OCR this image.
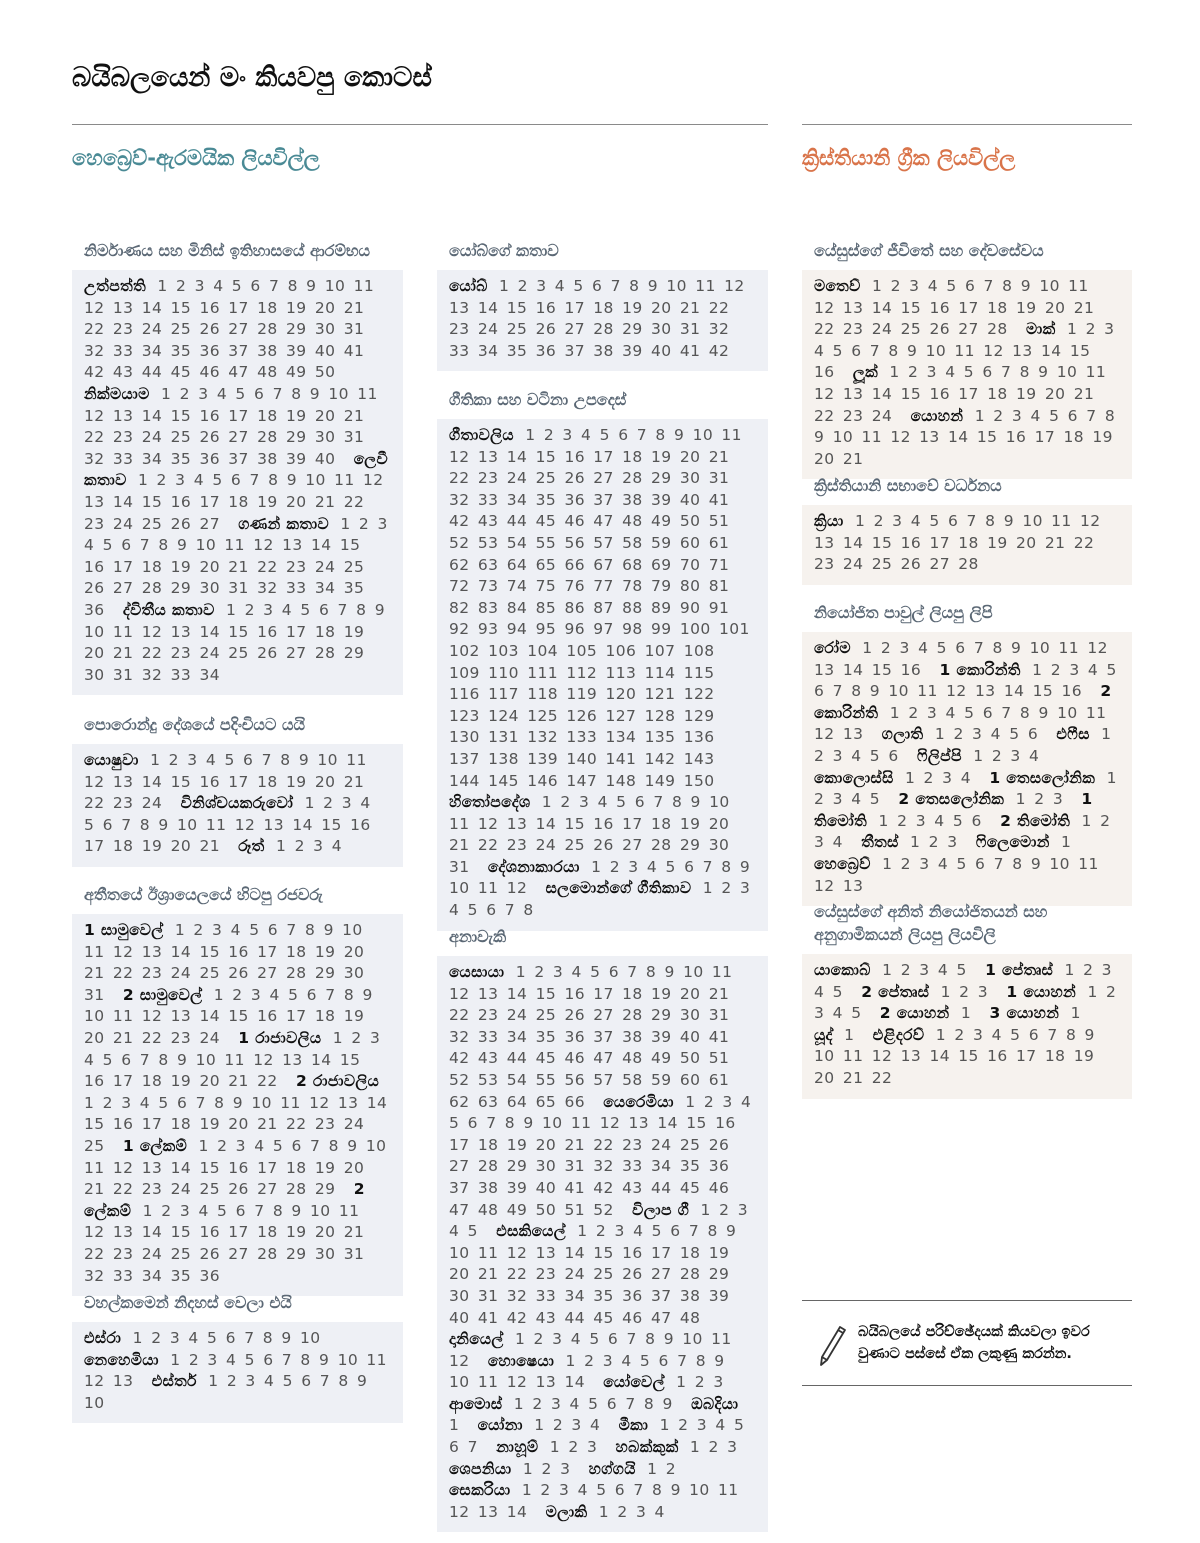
බයිබලයෙන් මං කියවපු කොටස්
හෙබ්‍රෙව්-ඇරමයික ලියවිල්ල	ක්‍රිස්තියානි ග්‍රීක ලියවිල්ල
නිර්මාණය සහ මිනිස් ඉතිහාසයේ ආරම්භය
උත්පත්ති 1 2 3 4 5 6 7 8 9 10 11 12 13 14 15 16 17 18 19 20 21 22 23 24 25 26 27 28 29 30 31 32 33 34 35 36 37 38 39 40 41 42 43 44 45 46 47 48 49 50 නික්මයාම 1 2 3 4 5 6 7 8 9 10 11 12 13 14 15 16 17 18 19 20 21 22 23 24 25 26 27 28 29 30 31 32 33 34 35 36 37 38 39 40 ලෙවී කතාව 1 2 3 4 5 6 7 8 9 10 11 12 13 14 15 16 17 18 19 20 21 22 23 24 25 26 27 ගණන් කතාව 1 2 3 4 5 6 7 8 9 10 11 12 13 14 15 16 17 18 19 20 21 22 23 24 25 26 27 28 29 30 31 32 33 34 35 36 ද්විතීය කතාව 1 2 3 4 5 6 7 8 9 10 11 12 13 14 15 16 17 18 19 20 21 22 23 24 25 26 27 28 29 30 31 32 33 34
පොරොන්දු දේශයේ පදිංචියට යයි
යොෂුවා 1 2 3 4 5 6 7 8 9 10 11 12 13 14 15 16 17 18 19 20 21 22 23 24 විනිශ්චයකරුවෝ 1 2 3 4 5 6 7 8 9 10 11 12 13 14 15 16 17 18 19 20 21 රූත් 1 2 3 4
අතීතයේ ඊශ්‍රායෙලයේ හිටපු රජවරු
1 සාමුවෙල් 1 2 3 4 5 6 7 8 9 10 11 12 13 14 15 16 17 18 19 20 21 22 23 24 25 26 27 28 29 30 31 2 සාමුවෙල් 1 2 3 4 5 6 7 8 9 10 11 12 13 14 15 16 17 18 19 20 21 22 23 24 1 රාජාවලිය 1 2 3 4 5 6 7 8 9 10 11 12 13 14 15 16 17 18 19 20 21 22 2 රාජාවලිය 1 2 3 4 5 6 7 8 9 10 11 12 13 14 15 16 17 18 19 20 21 22 23 24 25 1 ලේකම් 1 2 3 4 5 6 7 8 9 10 11 12 13 14 15 16 17 18 19 20 21 22 23 24 25 26 27 28 29 2 ලේකම් 1 2 3 4 5 6 7 8 9 10 11 12 13 14 15 16 17 18 19 20 21 22 23 24 25 26 27 28 29 30 31 32 33 34 35 36
වහල්කමෙන් නිදහස් වෙලා එයි
එස්රා 1 2 3 4 5 6 7 8 9 10 නෙහෙමියා 1 2 3 4 5 6 7 8 9 10 11 12 13 එස්තර් 1 2 3 4 5 6 7 8 9 10
යෝබ්ගේ කතාව
යෝබ් 1 2 3 4 5 6 7 8 9 10 11 12 13 14 15 16 17 18 19 20 21 22 23 24 25 26 27 28 29 30 31 32 33 34 35 36 37 38 39 40 41 42
ගීතිකා සහ වටිනා උපදෙස්
ගීතාවලිය 1 2 3 4 5 6 7 8 9 10 11 12 13 14 15 16 17 18 19 20 21 22 23 24 25 26 27 28 29 30 31 32 33 34 35 36 37 38 39 40 41 42 43 44 45 46 47 48 49 50 51 52 53 54 55 56 57 58 59 60 61 62 63 64 65 66 67 68 69 70 71 72 73 74 75 76 77 78 79 80 81 82 83 84 85 86 87 88 89 90 91 92 93 94 95 96 97 98 99 100 101 102 103 104 105 106 107 108 109 110 111 112 113 114 115 116 117 118 119 120 121 122 123 124 125 126 127 128 129 130 131 132 133 134 135 136 137 138 139 140 141 142 143 144 145 146 147 148 149 150 හිතෝපදේශ 1 2 3 4 5 6 7 8 9 10 11 12 13 14 15 16 17 18 19 20 21 22 23 24 25 26 27 28 29 30 31 දේශනාකාරයා 1 2 3 4 5 6 7 8 9 10 11 12 සලමොන්ගේ ගීතිකාව 1 2 3 4 5 6 7 8
අනාවැකි
යෙසායා 1 2 3 4 5 6 7 8 9 10 11 12 13 14 15 16 17 18 19 20 21 22 23 24 25 26 27 28 29 30 31 32 33 34 35 36 37 38 39 40 41 42 43 44 45 46 47 48 49 50 51 52 53 54 55 56 57 58 59 60 61 62 63 64 65 66 යෙරෙමියා 1 2 3 4 5 6 7 8 9 10 11 12 13 14 15 16 17 18 19 20 21 22 23 24 25 26 27 28 29 30 31 32 33 34 35 36 37 38 39 40 41 42 43 44 45 46 47 48 49 50 51 52 විලාප ගී 1 2 3 4 5 එසකියෙල් 1 2 3 4 5 6 7 8 9 10 11 12 13 14 15 16 17 18 19 20 21 22 23 24 25 26 27 28 29 30 31 32 33 34 35 36 37 38 39 40 41 42 43 44 45 46 47 48 දානියෙල් 1 2 3 4 5 6 7 8 9 10 11 12 හොෂෙයා 1 2 3 4 5 6 7 8 9 10 11 12 13 14 යෝවෙල් 1 2 3 ආමොස් 1 2 3 4 5 6 7 8 9 ඔබදියා 1 යෝනා 1 2 3 4 මීකා 1 2 3 4 5 6 7 නාහූම් 1 2 3 හබක්කුක් 1 2 3 ශෙපනියා 1 2 3 හග්ගයි 1 2 සෙකරියා 1 2 3 4 5 6 7 8 9 10 11 12 13 14 මලාකි 1 2 3 4
යේසුස්ගේ ජීවිතේ සහ දේවසේවය
මතෙව් 1 2 3 4 5 6 7 8 9 10 11 12 13 14 15 16 17 18 19 20 21 22 23 24 25 26 27 28 මාක් 1 2 3 4 5 6 7 8 9 10 11 12 13 14 15 16 ලූක් 1 2 3 4 5 6 7 8 9 10 11 12 13 14 15 16 17 18 19 20 21 22 23 24 යොහන් 1 2 3 4 5 6 7 8 9 10 11 12 13 14 15 16 17 18 19 20 21
ක්‍රිස්තියානි සභාවේ වර්ධනය
ක්‍රියා 1 2 3 4 5 6 7 8 9 10 11 12 13 14 15 16 17 18 19 20 21 22 23 24 25 26 27 28
නියෝජිත පාවුල් ලියපු ලිපි
රෝම 1 2 3 4 5 6 7 8 9 10 11 12 13 14 15 16 1 කොරින්ති 1 2 3 4 5 6 7 8 9 10 11 12 13 14 15 16 2 කොරින්ති 1 2 3 4 5 6 7 8 9 10 11 12 13 ගලාති 1 2 3 4 5 6 එෆීස 1 2 3 4 5 6 ෆිලිප්පි 1 2 3 4 කොලොස්සි 1 2 3 4 1 තෙසලෝනික 1 2 3 4 5 2 තෙසලෝනික 1 2 3 1 තිමෝති 1 2 3 4 5 6 2 තිමෝති 1 2 3 4 තීතස් 1 2 3 ෆිලෙමොන් 1 හෙබ්‍රෙව් 1 2 3 4 5 6 7 8 9 10 11 12 13
යේසුස්ගේ අනිත් නියෝජිතයන් සහ අනුගාමිකයන් ලියපු ලියවිලි
යාකොබ් 1 2 3 4 5 1 පේතෘස් 1 2 3 4 5 2 පේතෘස් 1 2 3 1 යොහන් 1 2 3 4 5 2 යොහන් 1 3 යොහන් 1 යූද් 1 එළිදරව් 1 2 3 4 5 6 7 8 9 10 11 12 13 14 15 16 17 18 19 20 21 22
බයිබලයේ පරිච්ඡේදයක් කියවලා ඉවර වුණාට පස්සේ ඒක ලකුණු කරන්න.
